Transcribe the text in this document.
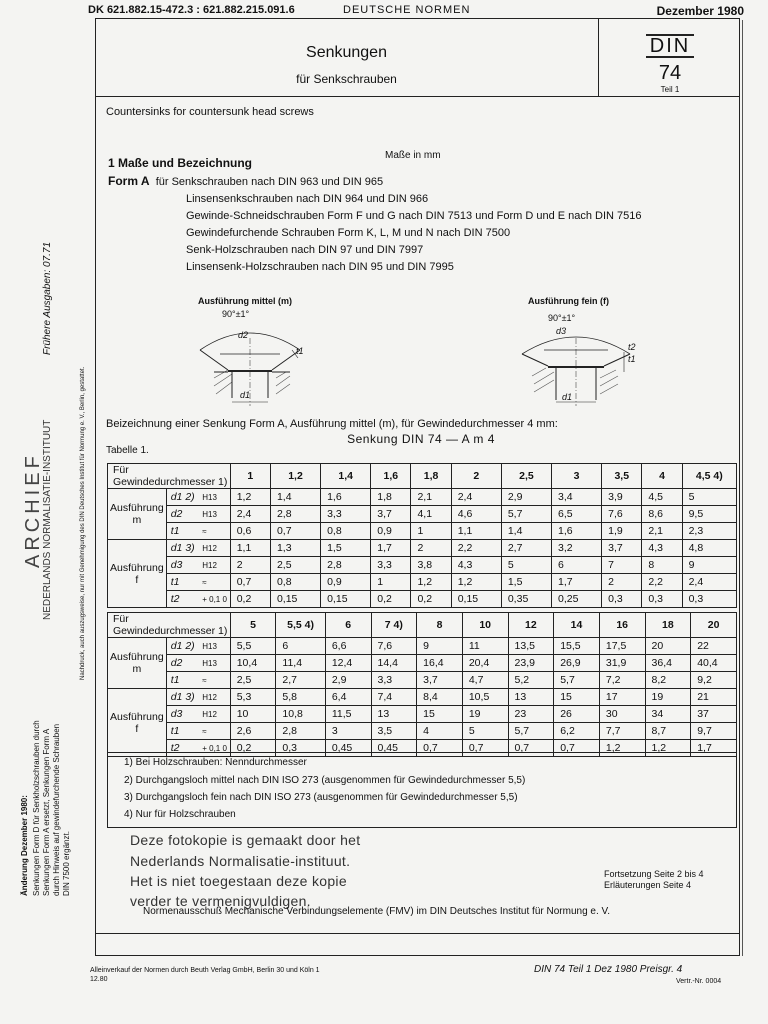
DK 621.882.15-472.3 : 621.882.215.091.6	DEUTSCHE NORMEN	Dezember 1980
Senkungen
für Senkschrauben
DIN
74
Teil 1
Countersinks for countersunk head screws
Maße in mm
1 Maße und Bezeichnung
Form A für Senkschrauben nach DIN 963 und DIN 965
Linsensenkschrauben nach DIN 964 und DIN 966
Gewinde-Schneidschrauben Form F und G nach DIN 7513 und Form D und E nach DIN 7516
Gewindefurchende Schrauben Form K, L, M und N nach DIN 7500
Senk-Holzschrauben nach DIN 97 und DIN 7997
Linsensenk-Holzschrauben nach DIN 95 und DIN 7995
Ausführung mittel (m)	Ausführung fein (f)
90°±1°	90°±1°
d2
d1
t1
d3
d1
t1
t2
Beizeichnung einer Senkung Form A, Ausführung mittel (m), für Gewindedurchmesser 4 mm:
Senkung DIN 74 — A m 4
Tabelle 1.
Für Gewindedurchmesser 1)			1	1,2	1,4	1,6	1,8	2	2,5	3	3,5	4	4,5 4)
Ausführung m	d1 2)	H13	1,2	1,4	1,6	1,8	2,1	2,4	2,9	3,4	3,9	4,5	5
	d2	H13	2,4	2,8	3,3	3,7	4,1	4,6	5,7	6,5	7,6	8,6	9,5
	t1	≈	0,6	0,7	0,8	0,9	1	1,1	1,4	1,6	1,9	2,1	2,3
Ausführung f	d1 3)	H12	1,1	1,3	1,5	1,7	2	2,2	2,7	3,2	3,7	4,3	4,8
	d3	H12	2	2,5	2,8	3,3	3,8	4,3	5	6	7	8	9
	t1	≈	0,7	0,8	0,9	1	1,2	1,2	1,5	1,7	2	2,2	2,4
	t2	+ 0,1 0	0,2	0,15	0,15	0,2	0,2	0,15	0,35	0,25	0,3	0,3	0,3
Für Gewindedurchmesser 1)			5	5,5 4)	6	7 4)	8	10	12	14	16	18	20
Ausführung m	d1 2)	H13	5,5	6	6,6	7,6	9	11	13,5	15,5	17,5	20	22
	d2	H13	10,4	11,4	12,4	14,4	16,4	20,4	23,9	26,9	31,9	36,4	40,4
	t1	≈	2,5	2,7	2,9	3,3	3,7	4,7	5,2	5,7	7,2	8,2	9,2
Ausführung f	d1 3)	H12	5,3	5,8	6,4	7,4	8,4	10,5	13	15	17	19	21
	d3	H12	10	10,8	11,5	13	15	19	23	26	30	34	37
	t1	≈	2,6	2,8	3	3,5	4	5	5,7	6,2	7,7	8,7	9,7
	t2	+ 0,1 0	0,2	0,3	0,45	0,45	0,7	0,7	0,7	0,7	1,2	1,2	1,7
1) Bei Holzschrauben: Nenndurchmesser
2) Durchgangsloch mittel nach DIN ISO 273 (ausgenommen für Gewindedurchmesser 5,5)
3) Durchgangsloch fein nach DIN ISO 273 (ausgenommen für Gewindedurchmesser 5,5)
4) Nur für Holzschrauben
Deze fotokopie is gemaakt door het
Nederlands Normalisatie-instituut.
Het is niet toegestaan deze kopie
verder te vermenigvuldigen.
Fortsetzung Seite 2 bis 4
Erläuterungen Seite 4
Normenausschuß Mechanische Verbindungselemente (FMV) im DIN Deutsches Institut für Normung e. V.
Alleinverkauf der Normen durch Beuth Verlag GmbH, Berlin 30 und Köln 1
12.80
DIN 74 Teil 1 Dez 1980 Preisgr. 4
Vertr.-Nr. 0004
Frühere Ausgaben: 07.71
Nachdruck, auch auszugsweise, nur mit Genehmigung des DIN Deutsches Institut für Normung e. V., Berlin, gestattet.
ARCHIEF
NEDERLANDS NORMALISATIE-INSTITUUT
Änderung Dezember 1980: Senkungen Form D für Senkholzschrauben durch Senkungen Form A ersetzt, Senkungen Form A durch Hinweis auf gewindefurchende Schrauben DIN 7500 ergänzt.
